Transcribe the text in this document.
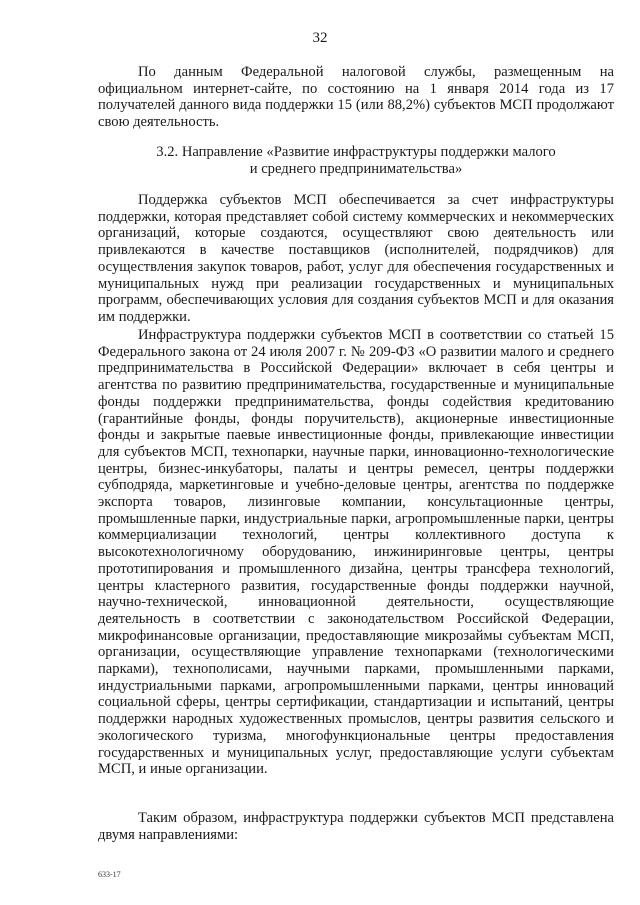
32

По данным Федеральной налоговой службы, размещенным на официальном интернет-сайте, по состоянию на 1 января 2014 года из 17 получателей данного вида поддержки 15 (или 88,2%) субъектов МСП продолжают свою деятельность.

3.2. Направление «Развитие инфраструктуры поддержки малого
и среднего предпринимательства»

Поддержка субъектов МСП обеспечивается за счет инфраструктуры поддержки, которая представляет собой систему коммерческих и некоммерческих организаций, которые создаются, осуществляют свою деятельность или привлекаются в качестве поставщиков (исполнителей, подрядчиков) для осуществления закупок товаров, работ, услуг для обеспечения государственных и муниципальных нужд при реализации государственных и муниципальных программ, обеспечивающих условия для создания субъектов МСП и для оказания им поддержки.

Инфраструктура поддержки субъектов МСП в соответствии со статьей 15 Федерального закона от 24 июля 2007 г. № 209-ФЗ «О развитии малого и среднего предпринимательства в Российской Федерации» включает в себя центры и агентства по развитию предпринимательства, государственные и муниципальные фонды поддержки предпринимательства, фонды содействия кредитованию (гарантийные фонды, фонды поручительств), акционерные инвестиционные фонды и закрытые паевые инвестиционные фонды, привлекающие инвестиции для субъектов МСП, технопарки, научные парки, инновационно-технологические центры, бизнес-инкубаторы, палаты и центры ремесел, центры поддержки субподряда, маркетинговые и учебно-деловые центры, агентства по поддержке экспорта товаров, лизинговые компании, консультационные центры, промышленные парки, индустриальные парки, агропромышленные парки, центры коммерциализации технологий, центры коллективного доступа к высокотехнологичному оборудованию, инжиниринговые центры, центры прототипирования и промышленного дизайна, центры трансфера технологий, центры кластерного развития, государственные фонды поддержки научной, научно-технической, инновационной деятельности, осуществляющие деятельность в соответствии с законодательством Российской Федерации, микрофинансовые организации, предоставляющие микрозаймы субъектам МСП, организации, осуществляющие управление технопарками (технологическими парками), технополисами, научными парками, промышленными парками, индустриальными парками, агропромышленными парками, центры инноваций социальной сферы, центры сертификации, стандартизации и испытаний, центры поддержки народных художественных промыслов, центры развития сельского и экологического туризма, многофункциональные центры предоставления государственных и муниципальных услуг, предоставляющие услуги субъектам МСП, и иные организации.

Таким образом, инфраструктура поддержки субъектов МСП представлена двумя направлениями:

633-17
